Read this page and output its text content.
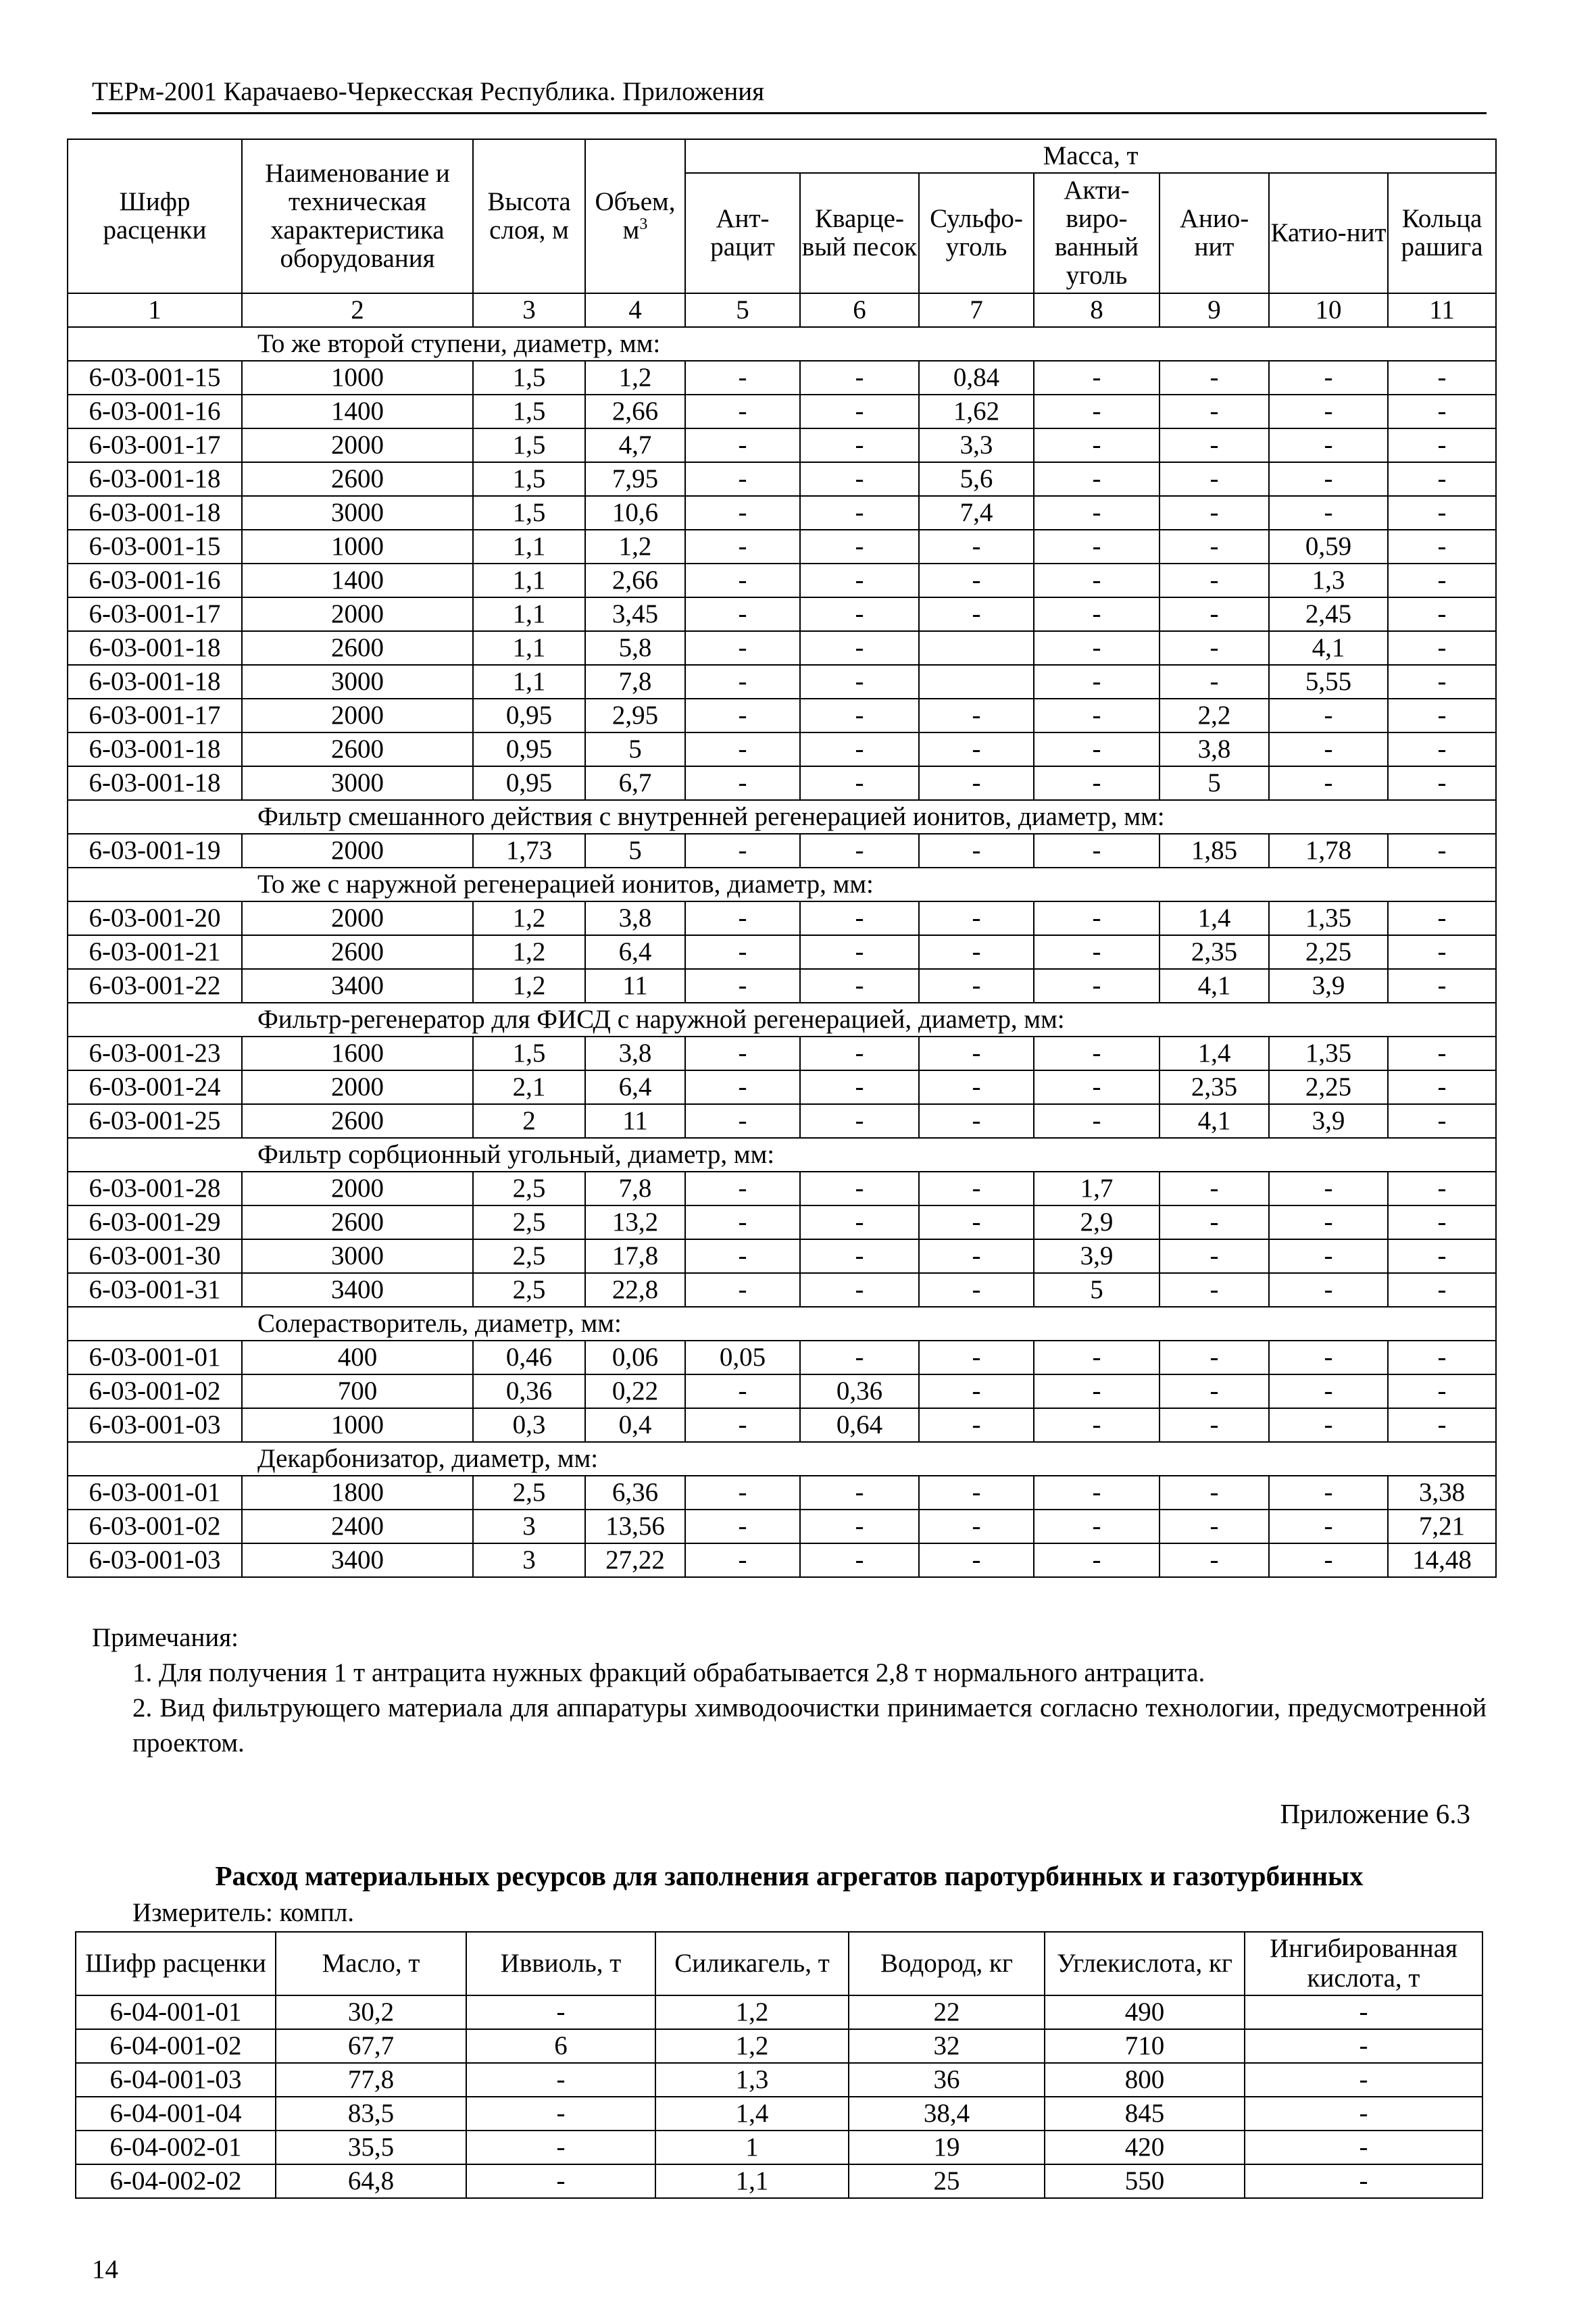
ТЕРм-2001 Карачаево-Черкесская Республика. Приложения
Шифр расценки	Наименование и техническая характеристика оборудования	Высота слоя, м	Объем, $м^3$	Масса, т						
				Ант-рацит	Кварце-вый песок	Сульфо-уголь	Акти-виро-ванный уголь	Анио-нит	Катио-нит	Кольца рашига
1	2	3	4	5	6	7	8	9	10	11
То же второй ступени, диаметр, мм:										
6-03-001-15	1000	1,5	1,2	-	-	0,84	-	-	-	-
6-03-001-16	1400	1,5	2,66	-	-	1,62	-	-	-	-
6-03-001-17	2000	1,5	4,7	-	-	3,3	-	-	-	-
6-03-001-18	2600	1,5	7,95	-	-	5,6	-	-	-	-
6-03-001-18	3000	1,5	10,6	-	-	7,4	-	-	-	-
6-03-001-15	1000	1,1	1,2	-	-	-	-	-	0,59	-
6-03-001-16	1400	1,1	2,66	-	-	-	-	-	1,3	-
6-03-001-17	2000	1,1	3,45	-	-	-	-	-	2,45	-
6-03-001-18	2600	1,1	5,8	-	-		-	-	4,1	-
6-03-001-18	3000	1,1	7,8	-	-		-	-	5,55	-
6-03-001-17	2000	0,95	2,95	-	-	-	-	2,2	-	-
6-03-001-18	2600	0,95	5	-	-	-	-	3,8	-	-
6-03-001-18	3000	0,95	6,7	-	-	-	-	5	-	-
Фильтр смешанного действия с внутренней регенерацией ионитов, диаметр, мм:										
6-03-001-19	2000	1,73	5	-	-	-	-	1,85	1,78	-
То же с наружной регенерацией ионитов, диаметр, мм:										
6-03-001-20	2000	1,2	3,8	-	-	-	-	1,4	1,35	-
6-03-001-21	2600	1,2	6,4	-	-	-	-	2,35	2,25	-
6-03-001-22	3400	1,2	11	-	-	-	-	4,1	3,9	-
Фильтр-регенератор для ФИСД с наружной регенерацией, диаметр, мм:										
6-03-001-23	1600	1,5	3,8	-	-	-	-	1,4	1,35	-
6-03-001-24	2000	2,1	6,4	-	-	-	-	2,35	2,25	-
6-03-001-25	2600	2	11	-	-	-	-	4,1	3,9	-
Фильтр сорбционный угольный, диаметр, мм:										
6-03-001-28	2000	2,5	7,8	-	-	-	1,7	-	-	-
6-03-001-29	2600	2,5	13,2	-	-	-	2,9	-	-	-
6-03-001-30	3000	2,5	17,8	-	-	-	3,9	-	-	-
6-03-001-31	3400	2,5	22,8	-	-	-	5	-	-	-
Солерастворитель, диаметр, мм:										
6-03-001-01	400	0,46	0,06	0,05	-	-	-	-	-	-
6-03-001-02	700	0,36	0,22	-	0,36	-	-	-	-	-
6-03-001-03	1000	0,3	0,4	-	0,64	-	-	-	-	-
Декарбонизатор, диаметр, мм:										
6-03-001-01	1800	2,5	6,36	-	-	-	-	-	-	3,38
6-03-001-02	2400	3	13,56	-	-	-	-	-	-	7,21
6-03-001-03	3400	3	27,22	-	-	-	-	-	-	14,48

Примечания:

1. Для получения 1 т антрацита нужных фракций обрабатывается 2,8 т нормального антрацита.

2. Вид фильтрующего материала для аппаратуры химводоочистки принимается согласно технологии, предусмотренной проектом.

Приложение 6.3
Расход материальных ресурсов для заполнения агрегатов паротурбинных и газотурбинных
Измеритель: компл.
Шифр расценки	Масло, т	Иввиоль, т	Силикагель, т	Водород, кг	Углекислота, кг	Ингибированная кислота, т
6-04-001-01	30,2	-	1,2	22	490	-
6-04-001-02	67,7	6	1,2	32	710	-
6-04-001-03	77,8	-	1,3	36	800	-
6-04-001-04	83,5	-	1,4	38,4	845	-
6-04-002-01	35,5	-	1	19	420	-
6-04-002-02	64,8	-	1,1	25	550	-
14
